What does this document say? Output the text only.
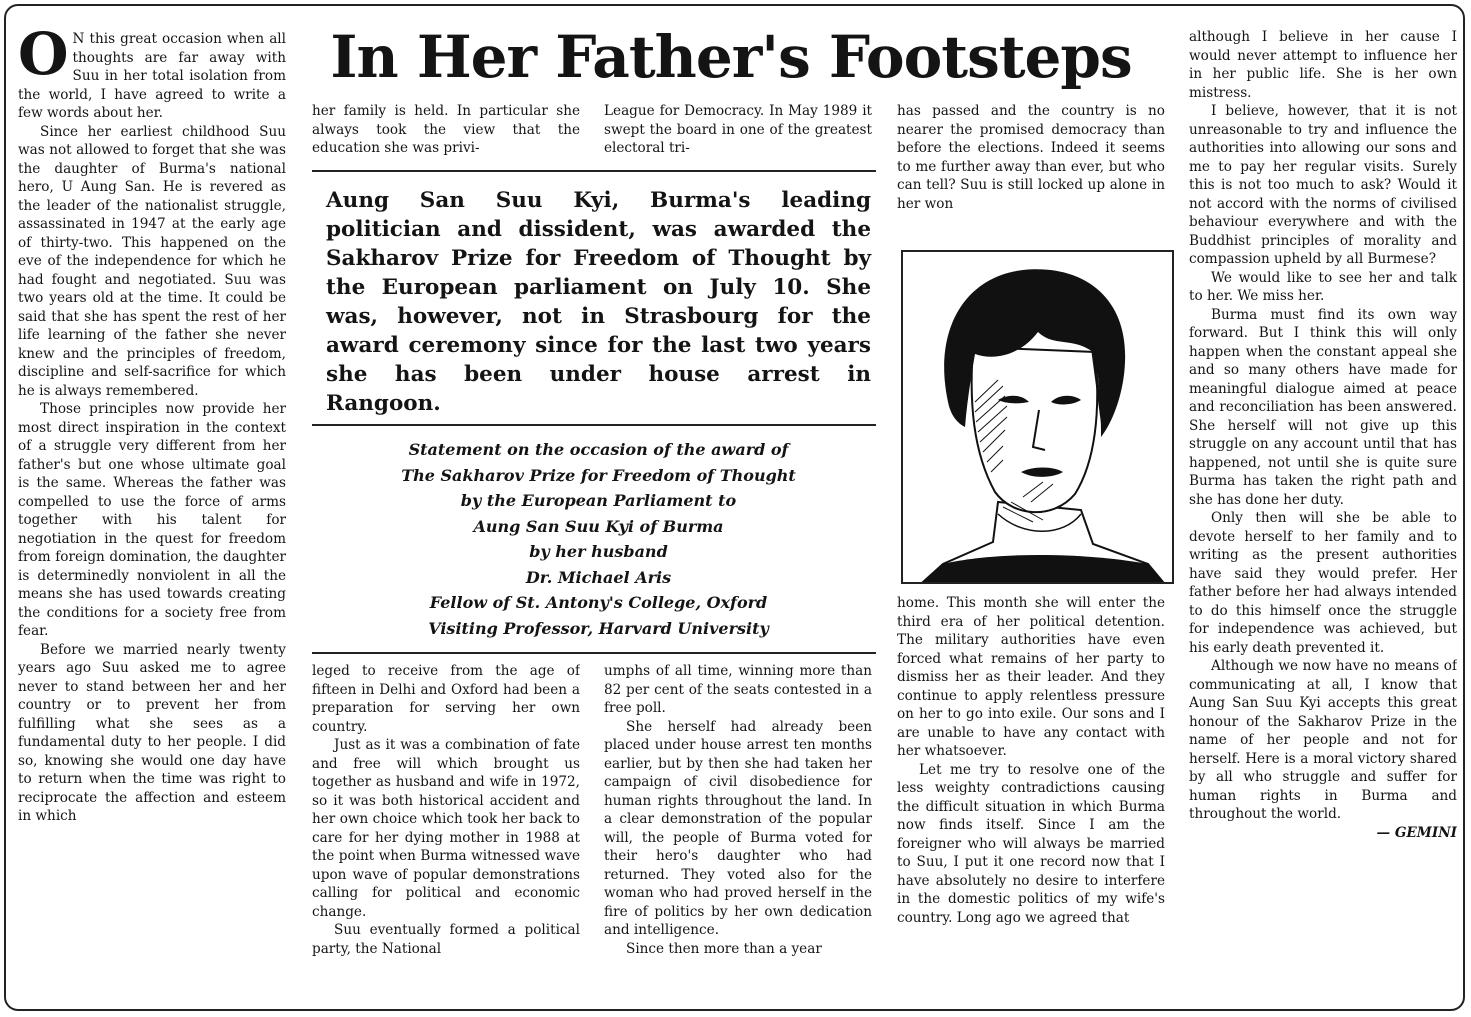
O N this great occasion when all thoughts are far away with Suu in her total isolation from the world, I have agreed to write a few words about her.

Since her earliest childhood Suu was not allowed to forget that she was the daughter of Burma's national hero, U Aung San. He is revered as the leader of the nationalist struggle, assassinated in 1947 at the early age of thirty-two. This happened on the eve of the independence for which he had fought and negotiated. Suu was two years old at the time. It could be said that she has spent the rest of her life learning of the father she never knew and the principles of freedom, discipline and self-sacrifice for which he is always remembered.

Those principles now provide her most direct inspiration in the context of a struggle very different from her father's but one whose ultimate goal is the same. Whereas the father was compelled to use the force of arms together with his talent for negotiation in the quest for freedom from foreign domination, the daughter is determinedly nonviolent in all the means she has used towards creating the conditions for a society free from fear.

Before we married nearly twenty years ago Suu asked me to agree never to stand between her and her country or to prevent her from fulfilling what she sees as a fundamental duty to her people. I did so, knowing she would one day have to return when the time was right to reciprocate the affection and esteem in which

In Her Father's Footsteps

her family is held. In particular she always took the view that the education she was privi-

League for Democracy. In May 1989 it swept the board in one of the greatest electoral tri-

Aung San Suu Kyi, Burma's leading politician and dissident, was awarded the Sakharov Prize for Freedom of Thought by the European parliament on July 10. She was, however, not in Strasbourg for the award ceremony since for the last two years she has been under house arrest in Rangoon.
Statement on the occasion of the award of
The Sakharov Prize for Freedom of Thought
by the European Parliament to
Aung San Suu Kyi of Burma
by her husband
Dr. Michael Aris
Fellow of St. Antony's College, Oxford
Visiting Professor, Harvard University

leged to receive from the age of fifteen in Delhi and Oxford had been a preparation for serving her own country.

Just as it was a combination of fate and free will which brought us together as husband and wife in 1972, so it was both historical accident and her own choice which took her back to care for her dying mother in 1988 at the point when Burma witnessed wave upon wave of popular demonstrations calling for political and economic change.

Suu eventually formed a political party, the National

umphs of all time, winning more than 82 per cent of the seats contested in a free poll.

She herself had already been placed under house arrest ten months earlier, but by then she had taken her campaign of civil disobedience for human rights throughout the land. In a clear demonstration of the popular will, the people of Burma voted for their hero's daughter who had returned. They voted also for the woman who had proved herself in the fire of politics by her own dedication and intelligence.

Since then more than a year

has passed and the country is no nearer the promised democracy than before the elections. Indeed it seems to me further away than ever, but who can tell? Suu is still locked up alone in her won

home. This month she will enter the third era of her political detention. The military authorities have even forced what remains of her party to dismiss her as their leader. And they continue to apply relentless pressure on her to go into exile. Our sons and I are unable to have any contact with her whatsoever.

Let me try to resolve one of the less weighty contradictions causing the difficult situation in which Burma now finds itself. Since I am the foreigner who will always be married to Suu, I put it one record now that I have absolutely no desire to interfere in the domestic politics of my wife's country. Long ago we agreed that

although I believe in her cause I would never attempt to influence her in her public life. She is her own mistress.

I believe, however, that it is not unreasonable to try and influence the authorities into allowing our sons and me to pay her regular visits. Surely this is not too much to ask? Would it not accord with the norms of civilised behaviour everywhere and with the Buddhist principles of morality and compassion upheld by all Burmese?

We would like to see her and talk to her. We miss her.

Burma must find its own way forward. But I think this will only happen when the constant appeal she and so many others have made for meaningful dialogue aimed at peace and reconciliation has been answered. She herself will not give up this struggle on any account until that has happened, not until she is quite sure Burma has taken the right path and she has done her duty.

Only then will she be able to devote herself to her family and to writing as the present authorities have said they would prefer. Her father before her had always intended to do this himself once the struggle for independence was achieved, but his early death prevented it.

Although we now have no means of communicating at all, I know that Aung San Suu Kyi accepts this great honour of the Sakharov Prize in the name of her people and not for herself. Here is a moral victory shared by all who struggle and suffer for human rights in Burma and throughout the world.

— GEMINI
